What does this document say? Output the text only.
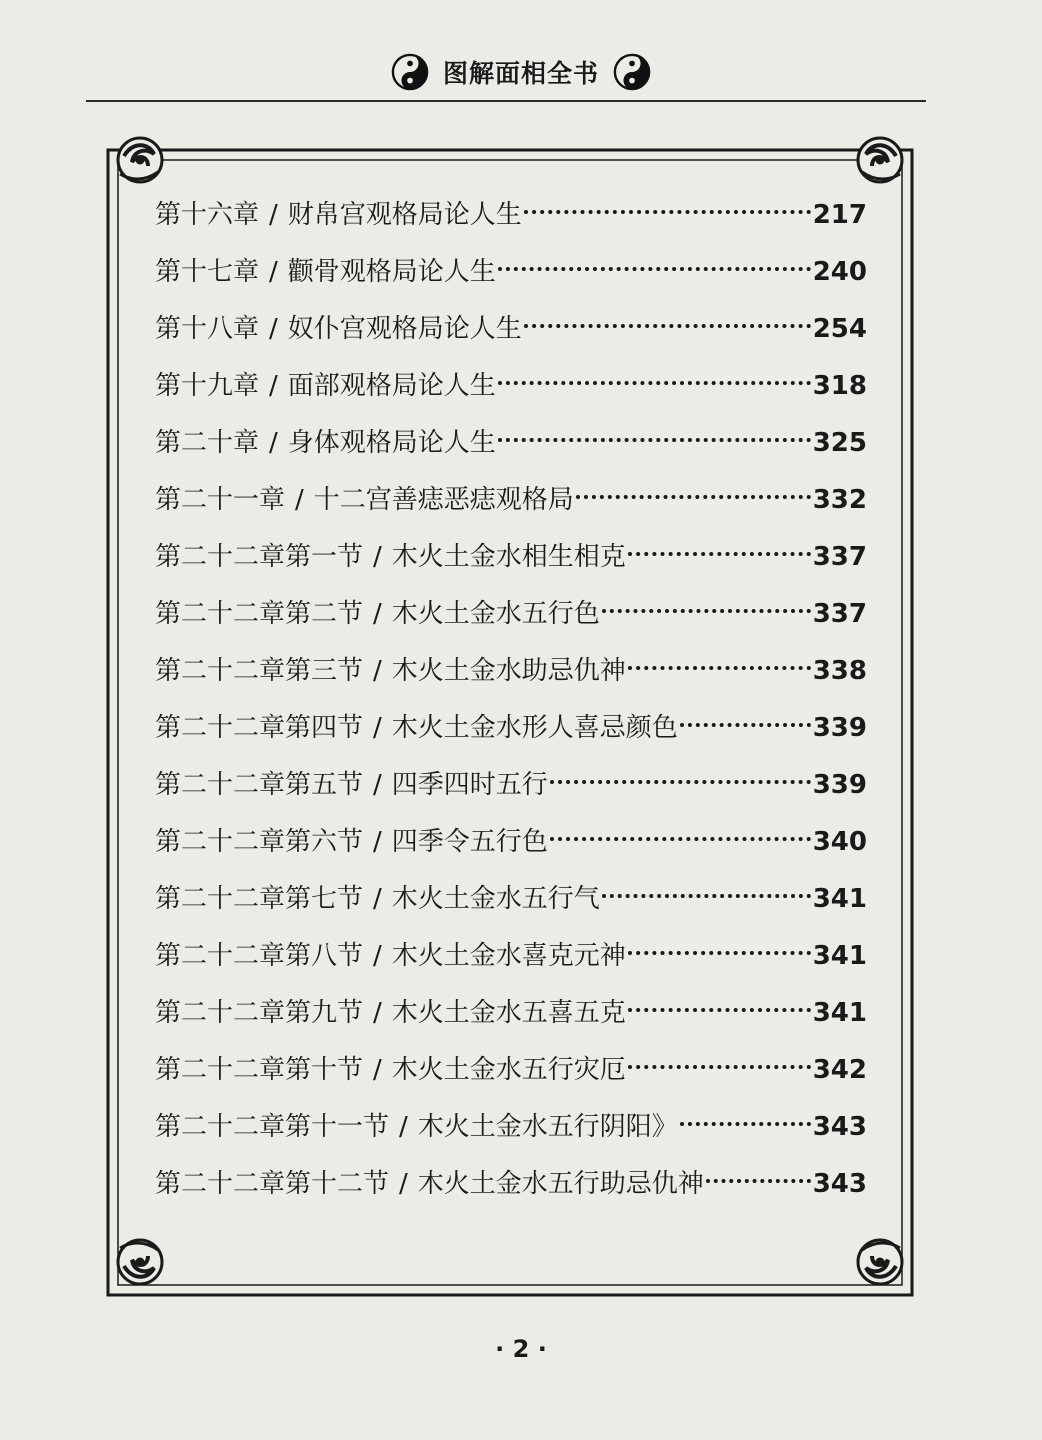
图解面相全书
第十六章 / 财帛宫观格局论人生	217
第十七章 / 颧骨观格局论人生	240
第十八章 / 奴仆宫观格局论人生	254
第十九章 / 面部观格局论人生	318
第二十章 / 身体观格局论人生	325
第二十一章 / 十二宫善痣恶痣观格局	332
第二十二章第一节 / 木火土金水相生相克	337
第二十二章第二节 / 木火土金水五行色	337
第二十二章第三节 / 木火土金水助忌仇神	338
第二十二章第四节 / 木火土金水形人喜忌颜色	339
第二十二章第五节 / 四季四时五行	339
第二十二章第六节 / 四季令五行色	340
第二十二章第七节 / 木火土金水五行气	341
第二十二章第八节 / 木火土金水喜克元神	341
第二十二章第九节 / 木火土金水五喜五克	341
第二十二章第十节 / 木火土金水五行灾厄	342
第二十二章第十一节 / 木火土金水五行阴阳》	343
第二十二章第十二节 / 木火土金水五行助忌仇神	343
· 2 ·
